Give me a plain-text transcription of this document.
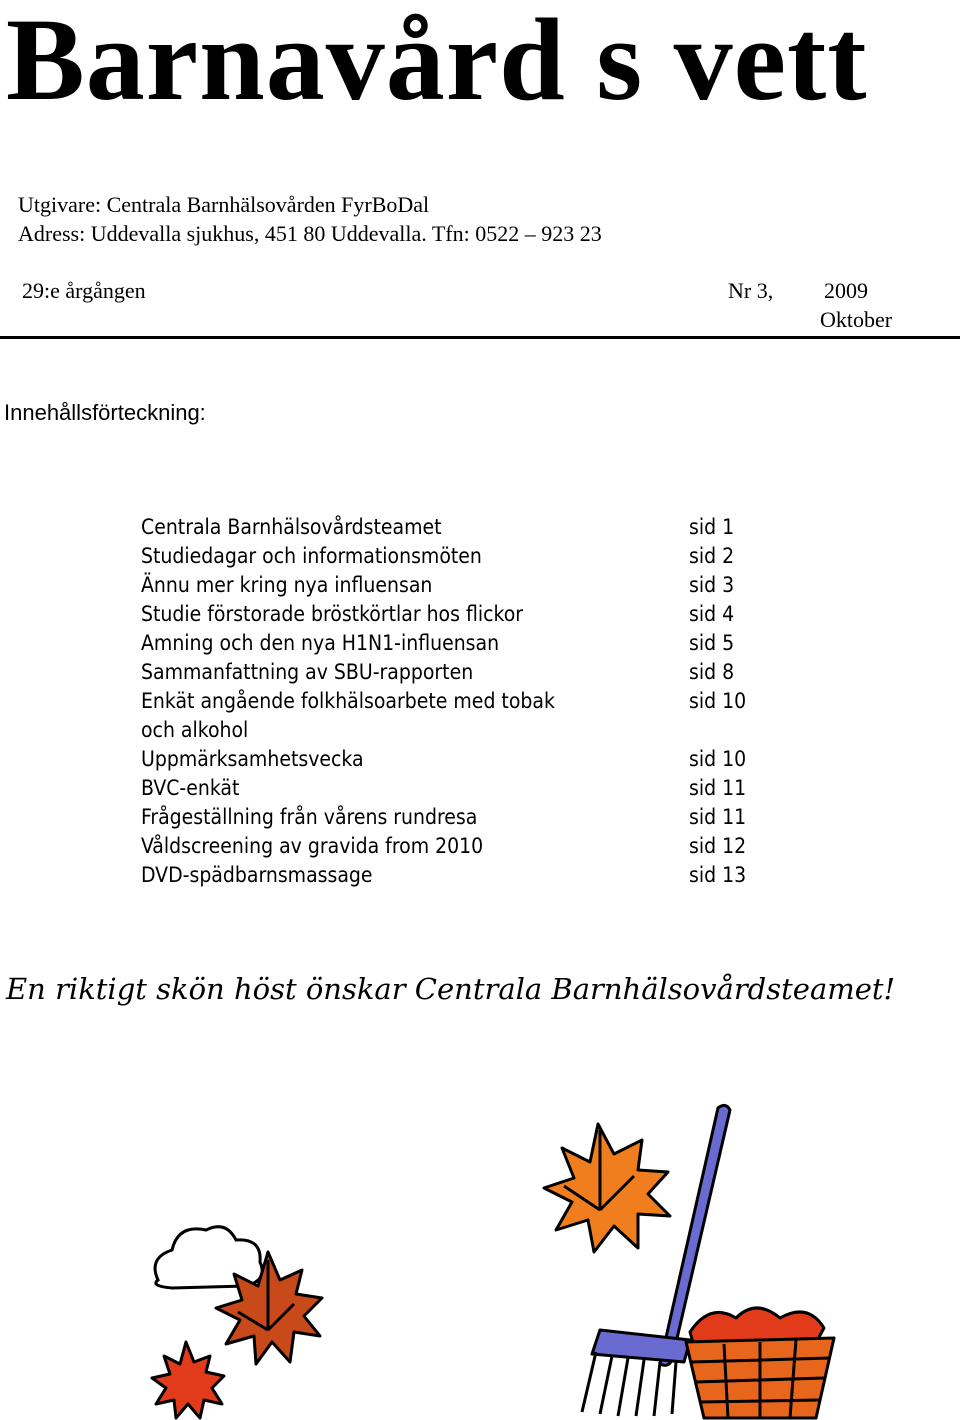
Barnavård s vett
Utgivare: Centrala Barnhälsovården FyrBoDal
Adress: Uddevalla sjukhus, 451 80 Uddevalla. Tfn: 0522 – 923 23
29:e årgången	Nr 3, 2009
Oktober
Innehållsförteckning:
Centrala Barnhälsovårdsteamet	sid 1
Studiedagar och informationsmöten	sid 2
Ännu mer kring nya influensan	sid 3
Studie förstorade bröstkörtlar hos flickor	sid 4
Amning och den nya H1N1-influensan	sid 5
Sammanfattning av SBU-rapporten	sid 8
Enkät angående folkhälsoarbete med tobak	sid 10
och alkohol
Uppmärksamhetsvecka	sid 10
BVC-enkät	sid 11
Frågeställning från vårens rundresa	sid 11
Våldscreening av gravida from 2010	sid 12
DVD-spädbarnsmassage	sid 13
En riktigt skön höst önskar Centrala Barnhälsovårdsteamet!
